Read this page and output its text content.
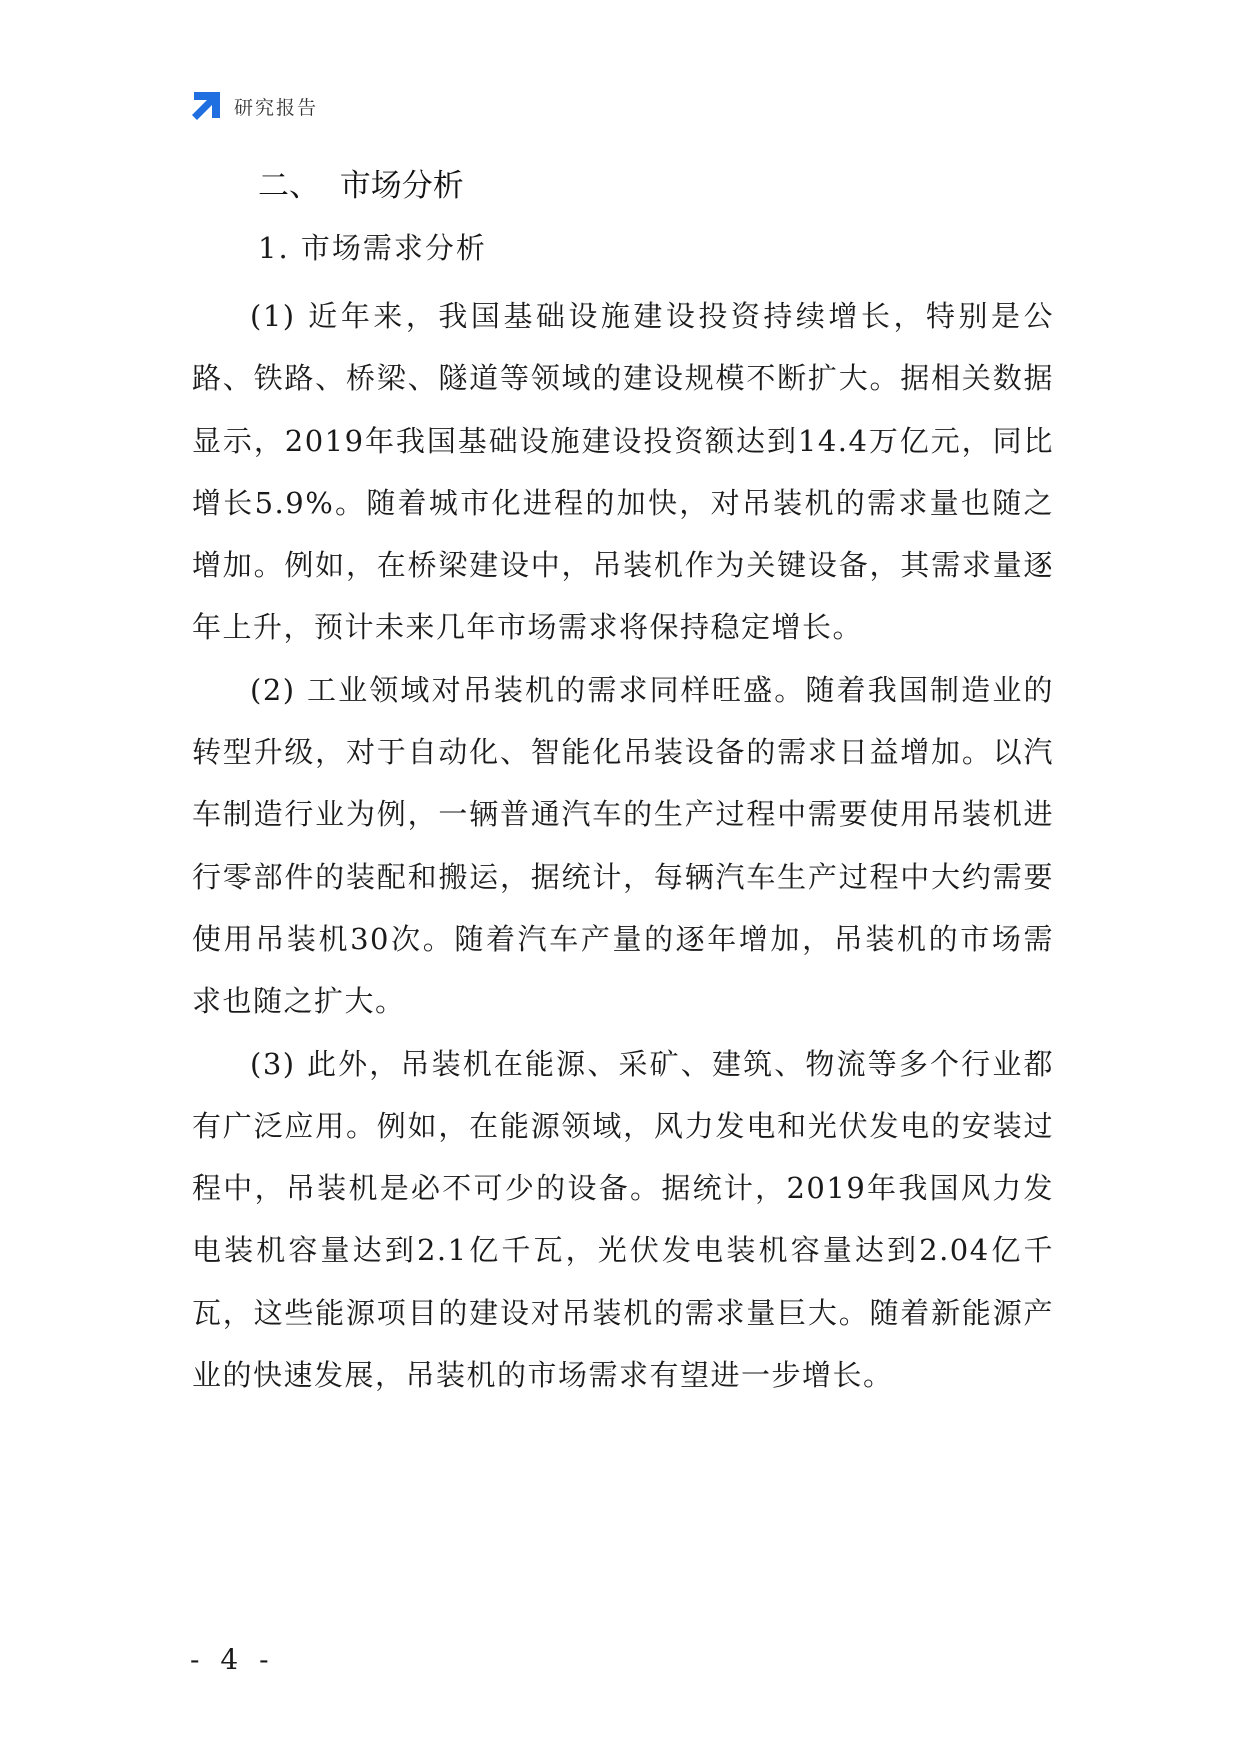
研究报告
二、  市场分析
1. 市场需求分析

(1) 近年来，我国基础设施建设投资持续增长，特别是公路、铁路、桥梁、隧道等领域的建设规模不断扩大。据相关数据显示，2019年我国基础设施建设投资额达到14.4万亿元，同比增长5.9%。随着城市化进程的加快，对吊装机的需求量也随之增加。例如，在桥梁建设中，吊装机作为关键设备，其需求量逐年上升，预计未来几年市场需求将保持稳定增长。

(2) 工业领域对吊装机的需求同样旺盛。随着我国制造业的转型升级，对于自动化、智能化吊装设备的需求日益增加。以汽车制造行业为例，一辆普通汽车的生产过程中需要使用吊装机进行零部件的装配和搬运，据统计，每辆汽车生产过程中大约需要使用吊装机30次。随着汽车产量的逐年增加，吊装机的市场需求也随之扩大。

(3) 此外，吊装机在能源、采矿、建筑、物流等多个行业都有广泛应用。例如，在能源领域，风力发电和光伏发电的安装过程中，吊装机是必不可少的设备。据统计，2019年我国风力发电装机容量达到2.1亿千瓦，光伏发电装机容量达到2.04亿千瓦，这些能源项目的建设对吊装机的需求量巨大。随着新能源产业的快速发展，吊装机的市场需求有望进一步增长。

- 4 -
